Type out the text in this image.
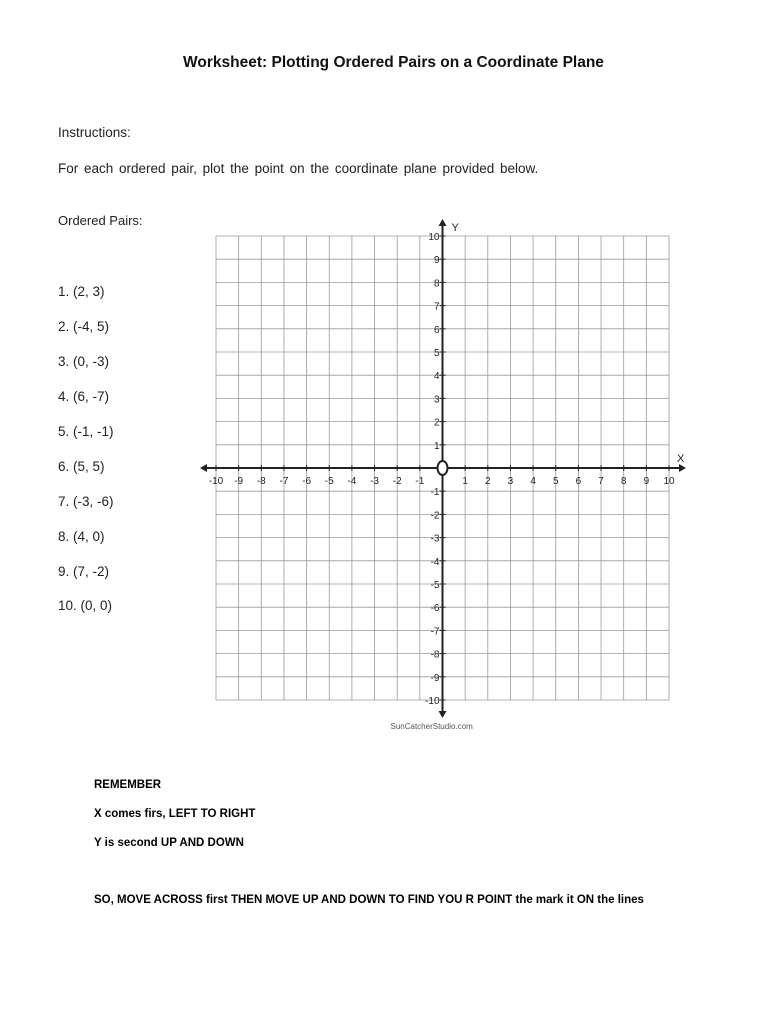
Worksheet: Plotting Ordered Pairs on a Coordinate Plane
Instructions:
For each ordered pair, plot the point on the coordinate plane provided below.
Ordered Pairs:
1. (2, 3)
2. (-4, 5)
3. (0, -3)
4. (6, -7)
5. (-1, -1)
6. (5, 5)
7. (-3, -6)
8. (4, 0)
9. (7, -2)
10. (0, 0)
-10 -9 -8 -7 -6 -5 -4 -3 -2 -1	1 2 3 4 5 6 7 8 9 10
10
9
8
7
6
5
4
3
2
1
-1
-2
-3
-4
-5
-6
-7
-8
-9
-10
X
Y
SunCatcherStudio.com
REMEMBER
X comes firs, LEFT TO RIGHT
Y is second UP AND DOWN
SO, MOVE ACROSS first THEN MOVE UP AND DOWN TO FIND YOU R POINT the mark it ON the lines
